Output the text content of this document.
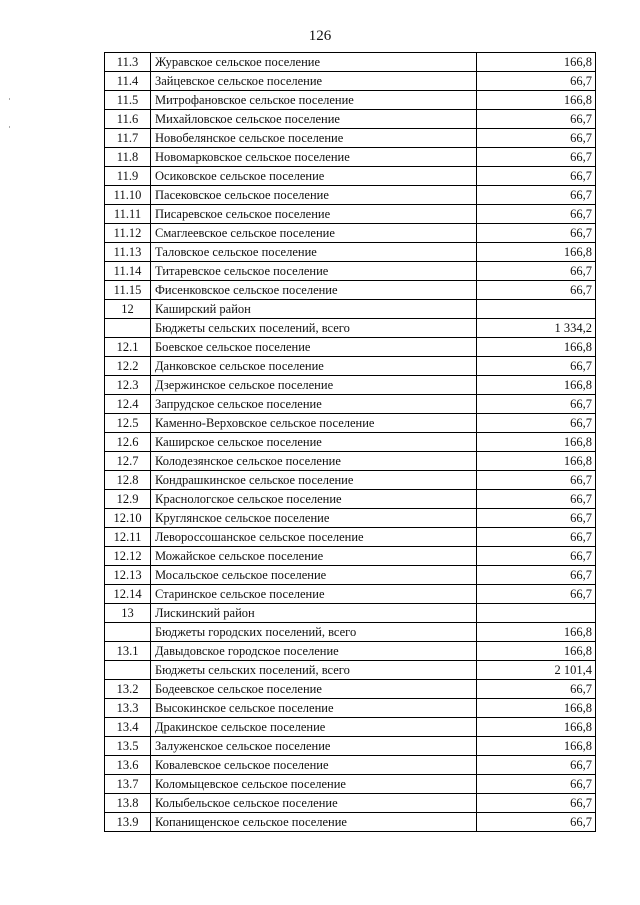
126
11.3	Журавское сельское поселение	166,8
11.4	Зайцевское сельское поселение	66,7
11.5	Митрофановское сельское поселение	166,8
11.6	Михайловское сельское поселение	66,7
11.7	Новобелянское сельское поселение	66,7
11.8	Новомарковское сельское поселение	66,7
11.9	Осиковское сельское поселение	66,7
11.10	Пасековское сельское поселение	66,7
11.11	Писаревское сельское поселение	66,7
11.12	Смаглеевское сельское поселение	66,7
11.13	Таловское сельское поселение	166,8
11.14	Титаревское сельское поселение	66,7
11.15	Фисенковское сельское поселение	66,7
12	Каширский район	
	Бюджеты сельских поселений, всего	1 334,2
12.1	Боевское сельское поселение	166,8
12.2	Данковское сельское поселение	66,7
12.3	Дзержинское сельское поселение	166,8
12.4	Запрудское сельское поселение	66,7
12.5	Каменно-Верховское сельское поселение	66,7
12.6	Каширское сельское поселение	166,8
12.7	Колодезянское сельское поселение	166,8
12.8	Кондрашкинское сельское поселение	66,7
12.9	Краснологское сельское поселение	66,7
12.10	Круглянское сельское поселение	66,7
12.11	Левороссошанское сельское поселение	66,7
12.12	Можайское сельское поселение	66,7
12.13	Мосальское сельское поселение	66,7
12.14	Старинское сельское поселение	66,7
13	Лискинский район	
	Бюджеты городских поселений, всего	166,8
13.1	Давыдовское городское поселение	166,8
	Бюджеты сельских поселений, всего	2 101,4
13.2	Бодеевское сельское поселение	66,7
13.3	Высокинское сельское поселение	166,8
13.4	Дракинское сельское поселение	166,8
13.5	Залуженское сельское поселение	166,8
13.6	Ковалевское сельское поселение	66,7
13.7	Коломыцевское сельское поселение	66,7
13.8	Колыбельское сельское поселение	66,7
13.9	Копанищенское сельское поселение	66,7
